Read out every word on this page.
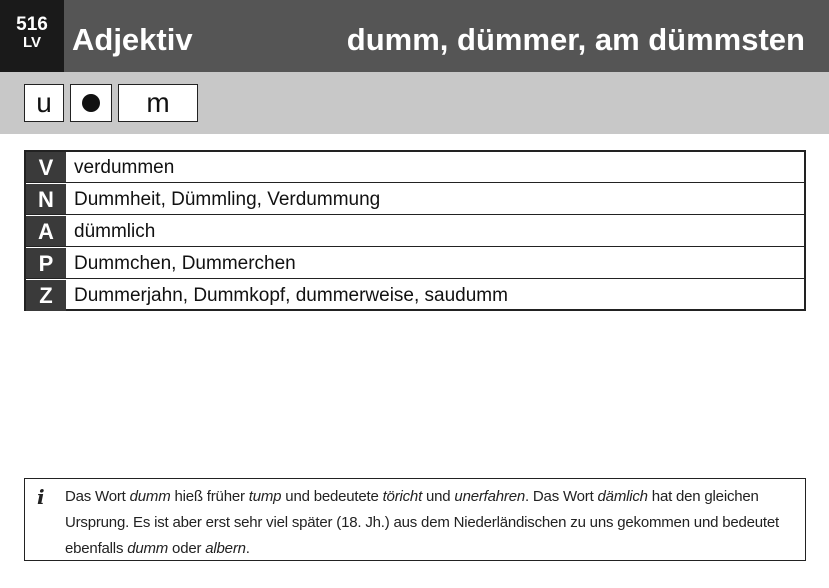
516
LV Adjektiv	dumm, dümmer, am dümmsten
u	m
V	verdummen
N	Dummheit, Dümmling, Verdummung
A	dümmlich
P	Dummchen, Dummerchen
Z	Dummerjahn, Dummkopf, dummerweise, saudumm
i Das Wort dumm hieß früher tump und bedeutete töricht und unerfahren. Das Wort dämlich hat den gleichen Ursprung. Es ist aber erst sehr viel später (18. Jh.) aus dem Niederländischen zu uns gekommen und bedeutet ebenfalls dumm oder albern.
